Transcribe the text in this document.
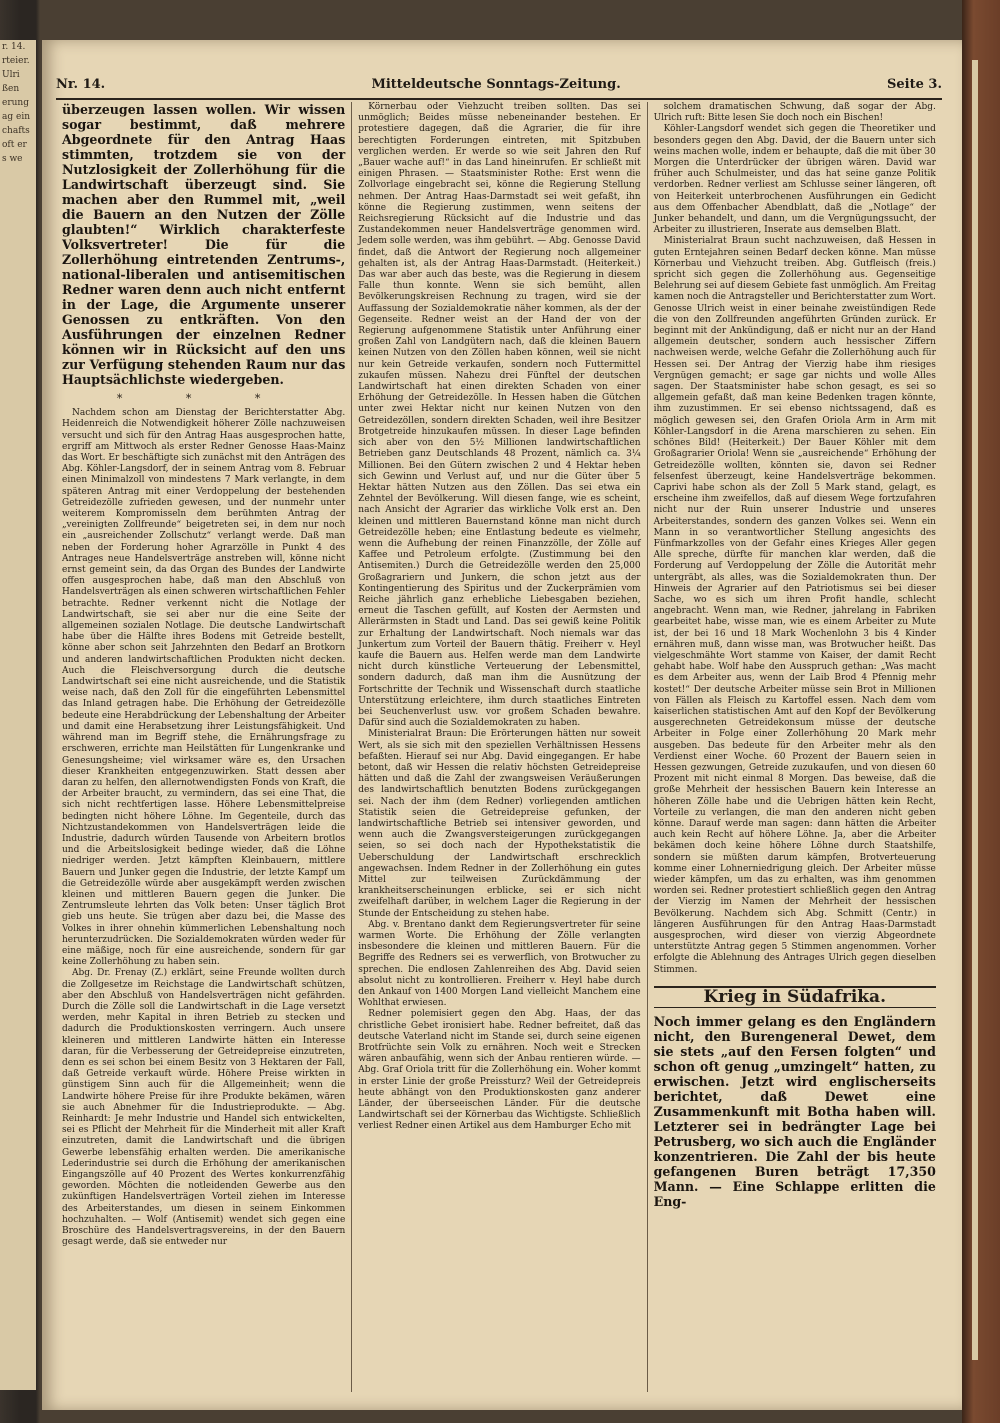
r. 14.
rteier.
Ulri
ßen
erung
ag ein
chafts
oft er
s we
Nr. 14.	Mitteldeutsche Sonntags-Zeitung.	Seite 3.

überzeugen lassen wollen. Wir wissen sogar bestimmt, daß mehrere Abgeordnete für den Antrag Haas stimmten, trotzdem sie von der Nutzlosigkeit der Zollerhöhung für die Landwirtschaft überzeugt sind. Sie machen aber den Rummel mit, „weil die Bauern an den Nutzen der Zölle glaubten!“ Wirklich charakterfeste Volksvertreter! Die für die Zollerhöhung eintretenden Zentrums-, national-liberalen und antisemitischen Redner waren denn auch nicht entfernt in der Lage, die Argumente unserer Genossen zu entkräften. Von den Ausführungen der einzelnen Redner können wir in Rücksicht auf den uns zur Verfügung stehenden Raum nur das Hauptsächlichste wiedergeben.

* * *

Nachdem schon am Dienstag der Berichterstatter Abg. Heidenreich die Notwendigkeit höherer Zölle nachzuweisen versucht und sich für den Antrag Haas ausgesprochen hatte, ergriff am Mittwoch als erster Redner Genosse Haas-Mainz das Wort. Er beschäftigte sich zunächst mit den Anträgen des Abg. Köhler-Langsdorf, der in seinem Antrag vom 8. Februar einen Minimalzoll von mindestens 7 Mark verlangte, in dem späteren Antrag mit einer Verdoppelung der bestehenden Getreidezölle zufrieden gewesen, und der nunmehr unter weiterem Kompromisseln dem berühmten Antrag der „vereinigten Zollfreunde“ beigetreten sei, in dem nur noch ein „ausreichender Zollschutz“ verlangt werde. Daß man neben der Forderung hoher Agrarzölle in Punkt 4 des Antrages neue Handelsverträge anstreben will, könne nicht ernst gemeint sein, da das Organ des Bundes der Landwirte offen ausgesprochen habe, daß man den Abschluß von Handelsverträgen als einen schweren wirtschaftlichen Fehler betrachte. Redner verkennt nicht die Notlage der Landwirtschaft, sie sei aber nur die eine Seite der allgemeinen sozialen Notlage. Die deutsche Landwirtschaft habe über die Hälfte ihres Bodens mit Getreide bestellt, könne aber schon seit Jahrzehnten den Bedarf an Brotkorn und anderen landwirtschaftlichen Produkten nicht decken. Auch die Fleischversorgung durch die deutsche Landwirtschaft sei eine nicht ausreichende, und die Statistik weise nach, daß den Zoll für die eingeführten Lebensmittel das Inland getragen habe. Die Erhöhung der Getreidezölle bedeute eine Herabdrückung der Lebenshaltung der Arbeiter und damit eine Herabsetzung ihrer Leistungsfähigkeit. Und während man im Begriff stehe, die Ernährungsfrage zu erschweren, errichte man Heilstätten für Lungenkranke und Genesungsheime; viel wirksamer wäre es, den Ursachen dieser Krankheiten entgegenzuwirken. Statt dessen aber daran zu helfen, den allernotwendigsten Fonds von Kraft, die der Arbeiter braucht, zu vermindern, das sei eine That, die sich nicht rechtfertigen lasse. Höhere Lebensmittelpreise bedingten nicht höhere Löhne. Im Gegenteile, durch das Nichtzustandekommen von Handelsverträgen leide die Industrie, dadurch würden Tausende von Arbeitern brotlos und die Arbeitslosigkeit bedinge wieder, daß die Löhne niedriger werden. Jetzt kämpften Kleinbauern, mittlere Bauern und Junker gegen die Industrie, der letzte Kampf um die Getreidezölle würde aber ausgekämpft werden zwischen kleinen und mittleren Bauern gegen die Junker. Die Zentrumsleute lehrten das Volk beten: Unser täglich Brot gieb uns heute. Sie trügen aber dazu bei, die Masse des Volkes in ihrer ohnehin kümmerlichen Lebenshaltung noch herunterzudrücken. Die Sozialdemokraten würden weder für eine mäßige, noch für eine ausreichende, sondern für gar keine Zollerhöhung zu haben sein.

Abg. Dr. Frenay (Z.) erklärt, seine Freunde wollten durch die Zollgesetze im Reichstage die Landwirtschaft schützen, aber den Abschluß von Handelsverträgen nicht gefährden. Durch die Zölle soll die Landwirtschaft in die Lage versetzt werden, mehr Kapital in ihren Betrieb zu stecken und dadurch die Produktionskosten verringern. Auch unsere kleineren und mittleren Landwirte hätten ein Interesse daran, für die Verbesserung der Getreidepreise einzutreten, denn es sei schon bei einem Besitz von 3 Hektaren der Fall, daß Getreide verkauft würde. Höhere Preise wirkten in günstigem Sinn auch für die Allgemeinheit; wenn die Landwirte höhere Preise für ihre Produkte bekämen, wären sie auch Abnehmer für die Industrieprodukte. — Abg. Reinhardt: Je mehr Industrie und Handel sich entwickelten, sei es Pflicht der Mehrheit für die Minderheit mit aller Kraft einzutreten, damit die Landwirtschaft und die übrigen Gewerbe lebensfähig erhalten werden. Die amerikanische Lederindustrie sei durch die Erhöhung der amerikanischen Eingangszölle auf 40 Prozent des Wertes konkurrenzfähig geworden. Möchten die notleidenden Gewerbe aus den zukünftigen Handelsverträgen Vorteil ziehen im Interesse des Arbeiterstandes, um diesen in seinem Einkommen hochzuhalten. — Wolf (Antisemit) wendet sich gegen eine Broschüre des Handelsvertragsvereins, in der den Bauern gesagt werde, daß sie entweder nur

Körnerbau oder Viehzucht treiben sollten. Das sei unmöglich; Beides müsse nebeneinander bestehen. Er protestiere dagegen, daß die Agrarier, die für ihre berechtigten Forderungen eintreten, mit Spitzbuben verglichen werden. Er werde so wie seit Jahren den Ruf „Bauer wache auf!“ in das Land hineinrufen. Er schließt mit einigen Phrasen. — Staatsminister Rothe: Erst wenn die Zollvorlage eingebracht sei, könne die Regierung Stellung nehmen. Der Antrag Haas-Darmstadt sei weit gefaßt, ihn könne die Regierung zustimmen, wenn seitens der Reichsregierung Rücksicht auf die Industrie und das Zustandekommen neuer Handelsverträge genommen wird. Jedem solle werden, was ihm gebührt. — Abg. Genosse David findet, daß die Antwort der Regierung noch allgemeiner gehalten ist, als der Antrag Haas-Darmstadt. (Heiterkeit.) Das war aber auch das beste, was die Regierung in diesem Falle thun konnte. Wenn sie sich bemüht, allen Bevölkerungskreisen Rechnung zu tragen, wird sie der Auffassung der Sozialdemokratie näher kommen, als der der Gegenseite. Redner weist an der Hand der von der Regierung aufgenommene Statistik unter Anführung einer großen Zahl von Landgütern nach, daß die kleinen Bauern keinen Nutzen von den Zöllen haben können, weil sie nicht nur kein Getreide verkaufen, sondern noch Futtermittel zukaufen müssen. Nahezu drei Fünftel der deutschen Landwirtschaft hat einen direkten Schaden von einer Erhöhung der Getreidezölle. In Hessen haben die Gütchen unter zwei Hektar nicht nur keinen Nutzen von den Getreidezöllen, sondern direkten Schaden, weil ihre Besitzer Brotgetreide hinzukaufen müssen. In dieser Lage befinden sich aber von den 5½ Millionen landwirtschaftlichen Betrieben ganz Deutschlands 48 Prozent, nämlich ca. 3¼ Millionen. Bei den Gütern zwischen 2 und 4 Hektar heben sich Gewinn und Verlust auf, und nur die Güter über 5 Hektar hätten Nutzen aus den Zöllen. Das sei etwa ein Zehntel der Bevölkerung. Will diesen fange, wie es scheint, nach Ansicht der Agrarier das wirkliche Volk erst an. Den kleinen und mittleren Bauernstand könne man nicht durch Getreidezölle heben; eine Entlastung bedeute es vielmehr, wenn die Aufhebung der reinen Finanzzölle, der Zölle auf Kaffee und Petroleum erfolgte. (Zustimmung bei den Antisemiten.) Durch die Getreidezölle werden den 25,000 Großagrariern und Junkern, die schon jetzt aus der Kontingentierung des Spiritus und der Zuckerprämien vom Reiche jährlich ganz erhebliche Liebesgaben beziehen, erneut die Taschen gefüllt, auf Kosten der Aermsten und Allerärmsten in Stadt und Land. Das sei gewiß keine Politik zur Erhaltung der Landwirtschaft. Noch niemals war das Junkertum zum Vorteil der Bauern thätig. Freiherr v. Heyl kaufe die Bauern aus. Helfen werde man dem Landwirte nicht durch künstliche Verteuerung der Lebensmittel, sondern dadurch, daß man ihm die Ausnützung der Fortschritte der Technik und Wissenschaft durch staatliche Unterstützung erleichtere, ihm durch staatliches Eintreten bei Seuchenverlust usw. vor großem Schaden bewahre. Dafür sind auch die Sozialdemokraten zu haben.

Ministerialrat Braun: Die Erörterungen hätten nur soweit Wert, als sie sich mit den speziellen Verhältnissen Hessens befaßten. Hierauf sei nur Abg. David eingegangen. Er habe betont, daß wir Hessen die relativ höchsten Getreidepreise hätten und daß die Zahl der zwangsweisen Veräußerungen des landwirtschaftlich benutzten Bodens zurückgegangen sei. Nach der ihm (dem Redner) vorliegenden amtlichen Statistik seien die Getreidepreise gefunken, der landwirtschaftliche Betrieb sei intensiver geworden, und wenn auch die Zwangsversteigerungen zurückgegangen seien, so sei doch nach der Hypothekstatistik die Ueberschuldung der Landwirtschaft erschrecklich angewachsen. Indem Redner in der Zollerhöhung ein gutes Mittel zur teilweisen Zurückdämmung der krankheitserscheinungen erblicke, sei er sich nicht zweifelhaft darüber, in welchem Lager die Regierung in der Stunde der Entscheidung zu stehen habe.

Abg. v. Brentano dankt dem Regierungsvertreter für seine warmen Worte. Die Erhöhung der Zölle verlangten insbesondere die kleinen und mittleren Bauern. Für die Begriffe des Redners sei es verwerflich, von Brotwucher zu sprechen. Die endlosen Zahlenreihen des Abg. David seien absolut nicht zu kontrollieren. Freiherr v. Heyl habe durch den Ankauf von 1400 Morgen Land vielleicht Manchem eine Wohlthat erwiesen.

Redner polemisiert gegen den Abg. Haas, der das christliche Gebet ironisiert habe. Redner befreitet, daß das deutsche Vaterland nicht im Stande sei, durch seine eigenen Brotfrüchte sein Volk zu ernähren. Noch weit e Strecken wären anbaufähig, wenn sich der Anbau rentieren würde. — Abg. Graf Oriola tritt für die Zollerhöhung ein. Woher kommt in erster Linie der große Preissturz? Weil der Getreidepreis heute abhängt von den Produktionskosten ganz anderer Länder, der überseeischen Länder. Für die deutsche Landwirtschaft sei der Körnerbau das Wichtigste. Schließlich verliest Redner einen Artikel aus dem Hamburger Echo mit

solchem dramatischen Schwung, daß sogar der Abg. Ulrich ruft: Bitte lesen Sie doch noch ein Bischen!

Köhler-Langsdorf wendet sich gegen die Theoretiker und besonders gegen den Abg. David, der die Bauern unter sich weins machen wolle, indem er behaupte, daß die mit über 30 Morgen die Unterdrücker der übrigen wären. David war früher auch Schulmeister, und das hat seine ganze Politik verdorben. Redner verliest am Schlusse seiner längeren, oft von Heiterkeit unterbrochenen Ausführungen ein Gedicht aus dem Offenbacher Abendblatt, daß die „Notlage“ der Junker behandelt, und dann, um die Vergnügungssucht, der Arbeiter zu illustrieren, Inserate aus demselben Blatt.

Ministerialrat Braun sucht nachzuweisen, daß Hessen in guten Erntejahren seinen Bedarf decken könne. Man müsse Körnerbau und Viehzucht treiben. Abg. Gutfleisch (freis.) spricht sich gegen die Zollerhöhung aus. Gegenseitige Belehrung sei auf diesem Gebiete fast unmöglich. Am Freitag kamen noch die Antragsteller und Berichterstatter zum Wort. Genosse Ulrich weist in einer beinahe zweistündigen Rede die von den Zollfreunden angeführten Gründen zurück. Er beginnt mit der Ankündigung, daß er nicht nur an der Hand allgemein deutscher, sondern auch hessischer Ziffern nachweisen werde, welche Gefahr die Zollerhöhung auch für Hessen sei. Der Antrag der Vierzig habe ihm riesiges Vergnügen gemacht; er sage gar nichts und wolle Alles sagen. Der Staatsminister habe schon gesagt, es sei so allgemein gefaßt, daß man keine Bedenken tragen könnte, ihm zuzustimmen. Er sei ebenso nichtssagend, daß es möglich gewesen sei, den Grafen Oriola Arm in Arm mit Köhler-Langsdorf in die Arena marschieren zu sehen. Ein schönes Bild! (Heiterkeit.) Der Bauer Köhler mit dem Großagrarier Oriola! Wenn sie „ausreichende“ Erhöhung der Getreidezölle wollten, könnten sie, davon sei Redner felsenfest überzeugt, keine Handelsverträge bekommen. Caprivi habe schon als der Zoll 5 Mark stand, gelagt, es erscheine ihm zweifellos, daß auf diesem Wege fortzufahren nicht nur der Ruin unserer Industrie und unseres Arbeiterstandes, sondern des ganzen Volkes sei. Wenn ein Mann in so verantwortlicher Stellung angesichts des Fünfmarkzolles von der Gefahr eines Krieges Aller gegen Alle spreche, dürfte für manchen klar werden, daß die Forderung auf Verdoppelung der Zölle die Autorität mehr untergräbt, als alles, was die Sozialdemokraten thun. Der Hinweis der Agrarier auf den Patriotismus sei bei dieser Sache, wo es sich um ihren Profit handle, schlecht angebracht. Wenn man, wie Redner, jahrelang in Fabriken gearbeitet habe, wisse man, wie es einem Arbeiter zu Mute ist, der bei 16 und 18 Mark Wochenlohn 3 bis 4 Kinder ernähren muß, dann wisse man, was Brotwucher heißt. Das vielgeschmähte Wort stamme von Kaiser, der damit Recht gehabt habe. Wolf habe den Ausspruch gethan: „Was macht es dem Arbeiter aus, wenn der Laib Brod 4 Pfennig mehr kostet!“ Der deutsche Arbeiter müsse sein Brot in Millionen von Fällen als Fleisch zu Kartoffel essen. Nach dem vom kaiserlichen statistischen Amt auf den Kopf der Bevölkerung ausgerechneten Getreidekonsum müsse der deutsche Arbeiter in Folge einer Zollerhöhung 20 Mark mehr ausgeben. Das bedeute für den Arbeiter mehr als den Verdienst einer Woche. 60 Prozent der Bauern seien in Hessen gezwungen, Getreide zuzukaufen, und von diesen 60 Prozent mit nicht einmal 8 Morgen. Das beweise, daß die große Mehrheit der hessischen Bauern kein Interesse an höheren Zölle habe und die Uebrigen hätten kein Recht, Vorteile zu verlangen, die man den anderen nicht geben könne. Darauf werde man sagen: dann hätten die Arbeiter auch kein Recht auf höhere Löhne. Ja, aber die Arbeiter bekämen doch keine höhere Löhne durch Staatshilfe, sondern sie müßten darum kämpfen, Brotverteuerung komme einer Lohnerniedrigung gleich. Der Arbeiter müsse wieder kämpfen, um das zu erhalten, was ihm genommen worden sei. Redner protestiert schließlich gegen den Antrag der Vierzig im Namen der Mehrheit der hessischen Bevölkerung. Nachdem sich Abg. Schmitt (Centr.) in längeren Ausführungen für den Antrag Haas-Darmstadt ausgesprochen, wird dieser von vierzig Abgeordnete unterstützte Antrag gegen 5 Stimmen angenommen. Vorher erfolgte die Ablehnung des Antrages Ulrich gegen dieselben Stimmen.

Krieg in Südafrika.

Noch immer gelang es den Engländern nicht, den Burengeneral Dewet, dem sie stets „auf den Fersen folgten“ und schon oft genug „umzingelt“ hatten, zu erwischen. Jetzt wird englischerseits berichtet, daß Dewet eine Zusammenkunft mit Botha haben will. Letzterer sei in bedrängter Lage bei Petrusberg, wo sich auch die Engländer konzentrieren. Die Zahl der bis heute gefangenen Buren beträgt 17,350 Mann. — Eine Schlappe erlitten die Eng-
